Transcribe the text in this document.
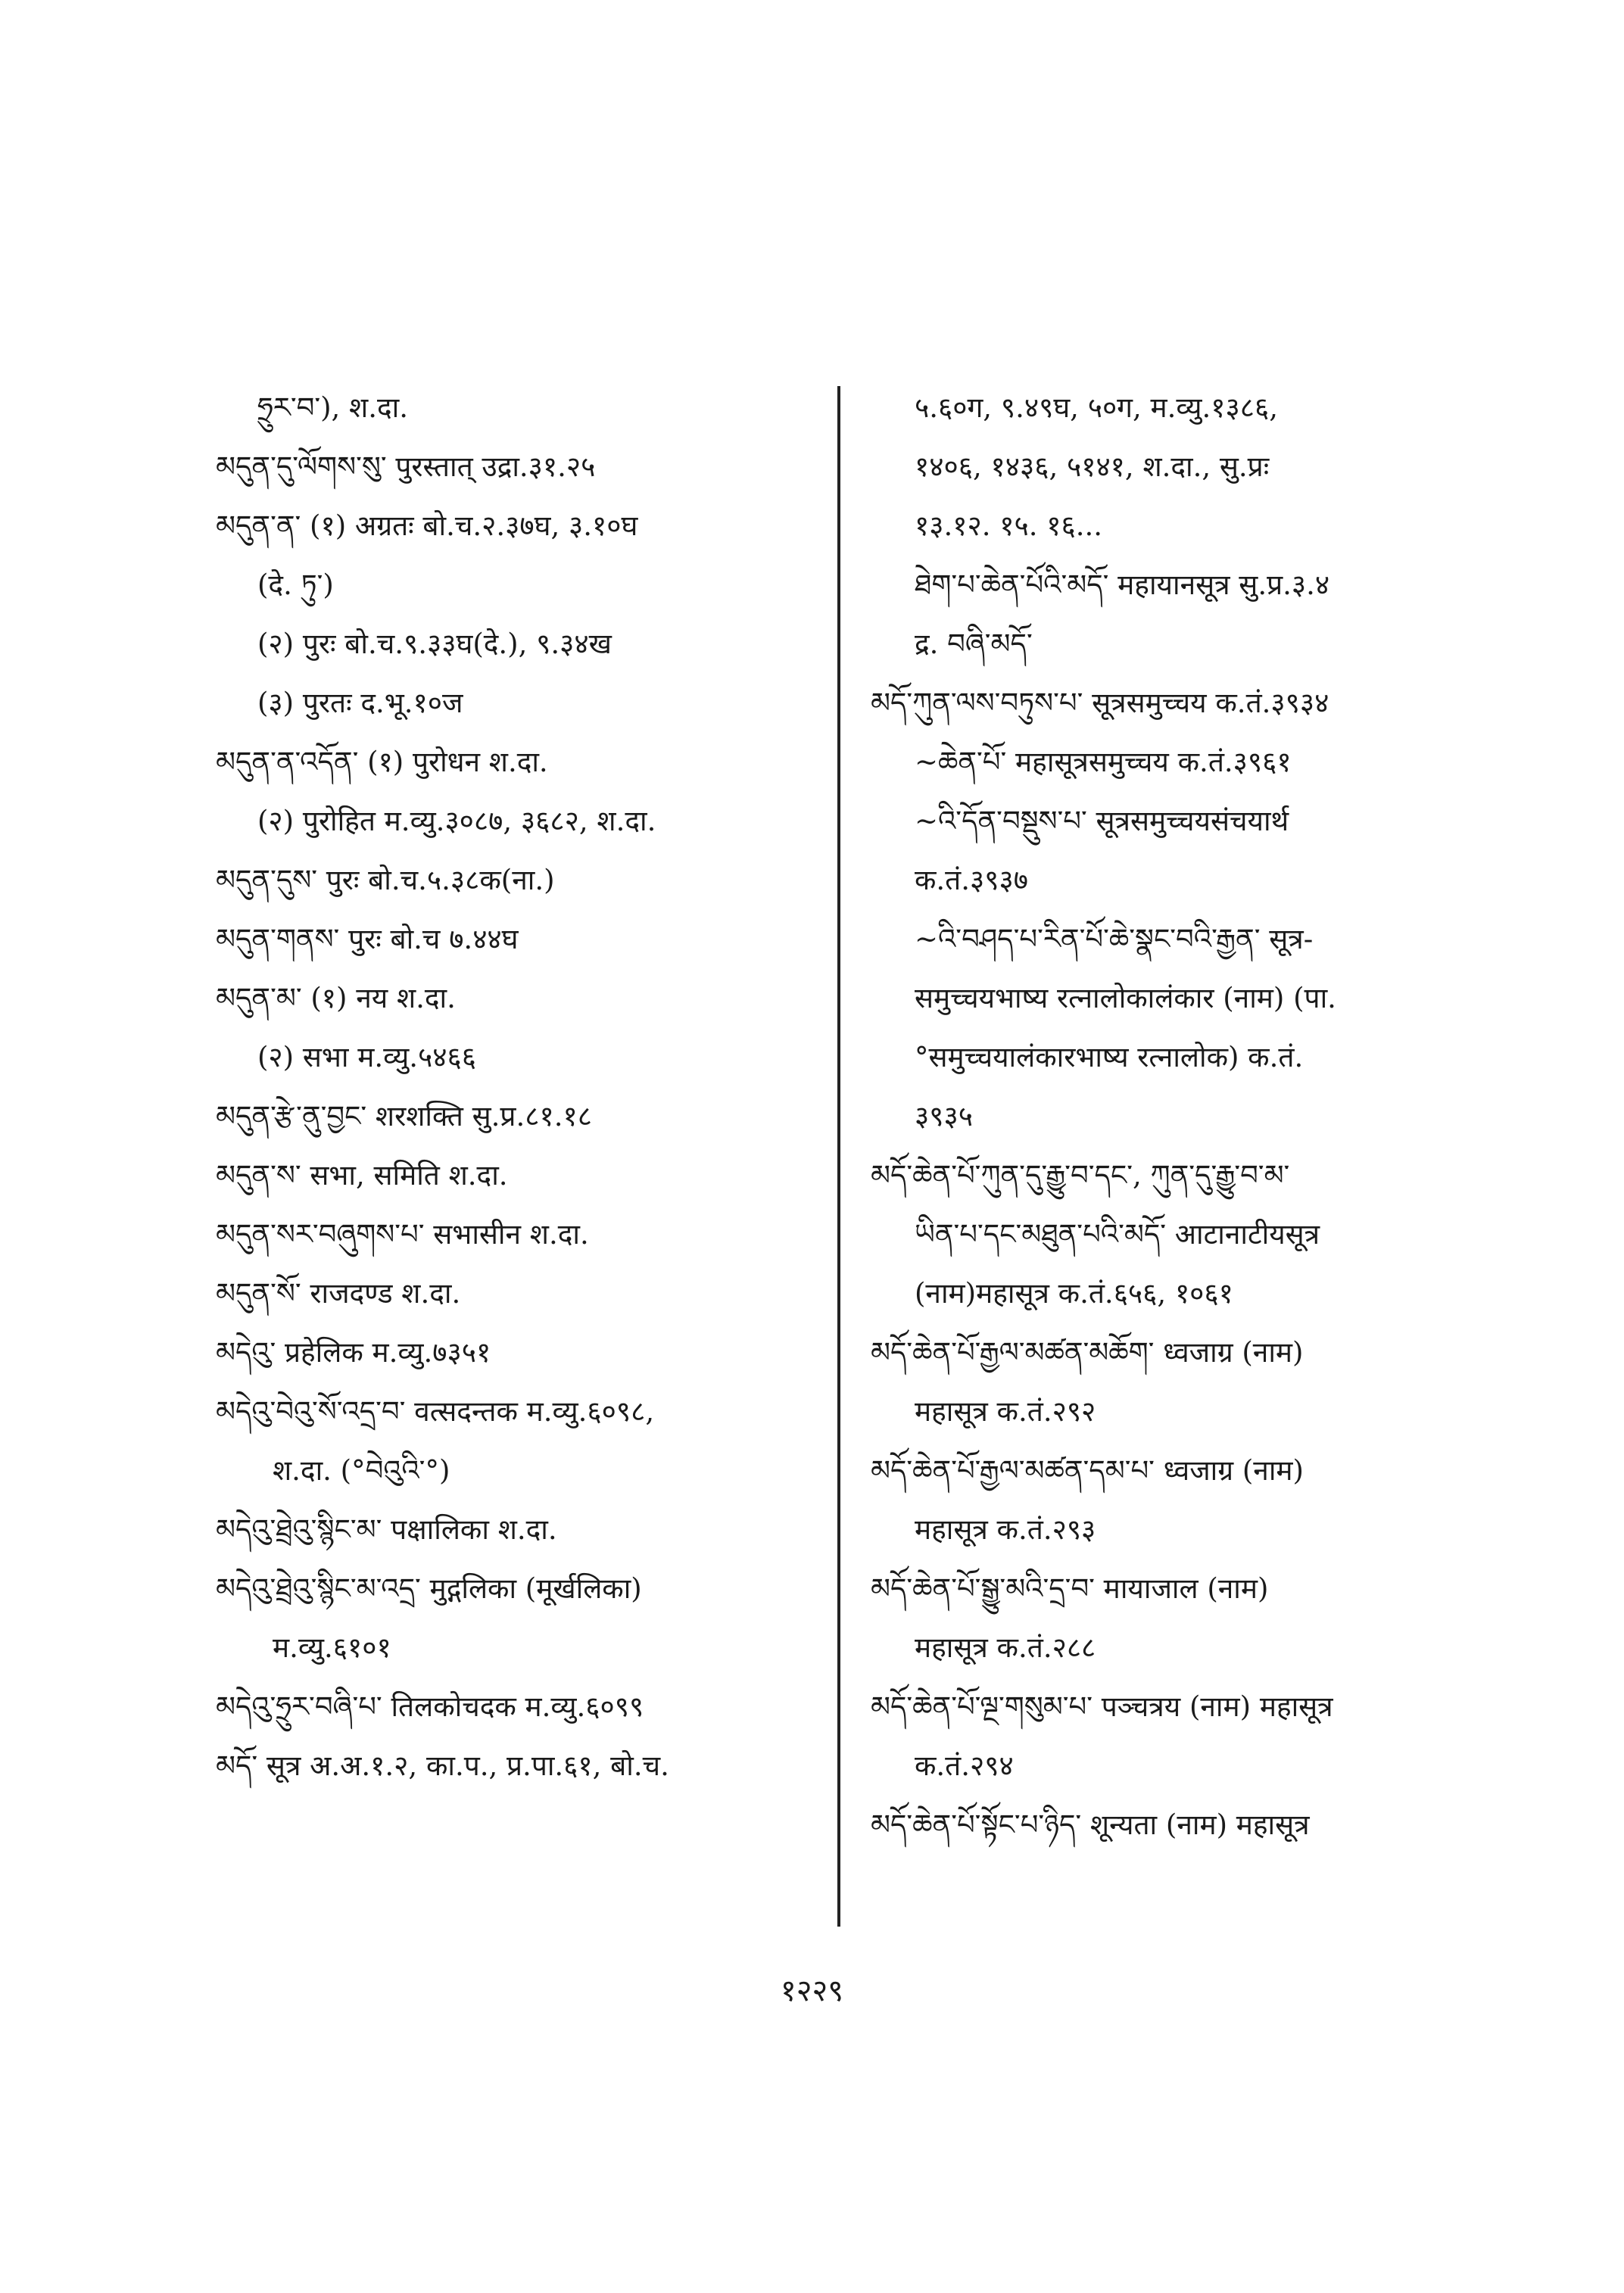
ཧྲུར་བ་), श.दा.
མདུན་དུ་ལོགས་སུ་ पुरस्तात् उद्रा.३१.२५
མདུན་ན་ (१) अग्रतः बो.च.२.३७घ, ३.१०घ
(दे. ཏུ་)
(२) पुरः बो.च.९.३३घ(दे.), ९.३४ख
(३) पुरतः द.भू.१०ज
མདུན་ན་འདོན་ (१) पुरोधन श.दा.
(२) पुरोहित म.व्यु.३०८७, ३६८२, श.दा.
མདུན་དུས་ पुरः बो.च.५.३८क(ना.)
མདུན་གནས་ पुरः बो.च ७.४४घ
མདུན་མ་ (१) नय श.दा.
(२) सभा म.व्यु.५४६६
མདུན་རྩེ་ནུ་བྱང་ शरशक्ति सु.प्र.८१.१८
མདུན་ས་ सभा, समिति श.दा.
མདུན་སར་བཞུགས་པ་ सभासीन श.दा.
མདུན་སོ་ राजदण्ड श.दा.
མདེའུ་ प्रहेलिक म.व्यु.७३५१
མདེའུ་བེའུ་སོ་འདྲ་བ་ वत्सदन्तक म.व्यु.६०९८,
श.दा. (°བེའུའི་°)
མདེའུ་ཐྲེའུ་སྙིང་མ་ पक्षालिका श.दा.
མདེའུ་ཐྲེའུ་སྙིང་མ་འདྲ་ मुद्गलिका (मूर्खलिका)
म.व्यु.६१०१
མདེའུ་ཧྲུར་བཞི་པ་ तिलकोचदक म.व्यु.६०९९
མདོ་ सूत्र अ.अ.१.२, का.प., प्र.पा.६१, बो.च.
५.६०ग, ९.४९घ, ५०ग, म.व्यु.१३८६,
१४०६, १४३६, ५१४१, श.दा., सु.प्रः
१३.१२. १५. १६...
ཐེག་པ་ཆེན་པོའི་མདོ་ महायानसूत्र सु.प्र.३.४
द्र. བཞི་མདོ་
མདོ་ཀུན་ལས་བཏུས་པ་ सूत्रसमुच्चय क.तं.३९३४
~ཆེན་པོ་ महासूत्रसमुच्चय क.तं.३९६१
~འི་དོན་བསྡུས་པ་ सूत्रसमुच्चयसंचयार्थ
क.तं.३९३७
~འི་བཤད་པ་རིན་པོ་ཆེ་སྣང་བའི་རྒྱན་ सूत्र-
समुच्चयभाष्य रत्नालोकालंकार (नाम) (पा.
°समुच्चयालंकारभाष्य रत्नालोक) क.तं.
३९३५
མདོ་ཆེན་པོ་ཀུན་དུ་རྒྱུ་བ་དང་, ཀུན་དུ་རྒྱུ་བ་མ་
ཡིན་པ་དང་མཐུན་པའི་མདོ་ आटानाटीयसूत्र
(नाम)महासूत्र क.तं.६५६, १०६१
མདོ་ཆེན་པོ་རྒྱལ་མཚན་མཆོག་ ध्वजाग्र (नाम)
महासूत्र क.तं.२९२
མདོ་ཆེན་པོ་རྒྱལ་མཚན་དམ་པ་ ध्वजाग्र (नाम)
महासूत्र क.तं.२९३
མདོ་ཆེན་པོ་སྒྱུ་མའི་དྲ་བ་ मायाजाल (नाम)
महासूत्र क.तं.२८८
མདོ་ཆེན་པོ་ལྔ་གསུམ་པ་ पञ्चत्रय (नाम) महासूत्र
क.तं.२९४
མདོ་ཆེན་པོ་སྟོང་པ་ཉིད་ शून्यता (नाम) महासूत्र
१२२९
